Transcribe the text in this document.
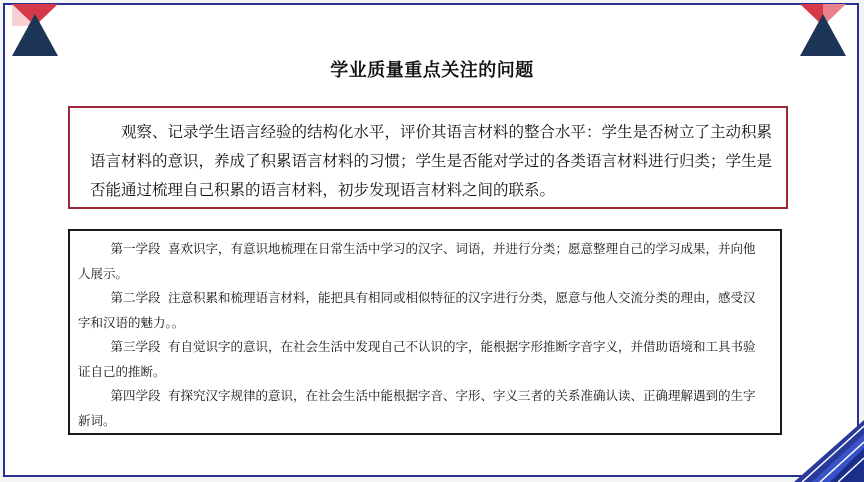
学业质量重点关注的问题

观察、记录学生语言经验的结构化水平，评价其语言材料的整合水平：学生是否树立了主动积累语言材料的意识，养成了积累语言材料的习惯；学生是否能对学过的各类语言材料进行归类；学生是否能通过梳理自己积累的语言材料，初步发现语言材料之间的联系。

第一学段 喜欢识字，有意识地梳理在日常生活中学习的汉字、词语，并进行分类；愿意整理自己的学习成果，并向他人展示。

第二学段 注意积累和梳理语言材料，能把具有相同或相似特征的汉字进行分类，愿意与他人交流分类的理由，感受汉字和汉语的魅力。。

第三学段 有自觉识字的意识，在社会生活中发现自己不认识的字，能根据字形推断字音字义，并借助语境和工具书验证自己的推断。

第四学段 有探究汉字规律的意识，在社会生活中能根据字音、字形、字义三者的关系准确认读、正确理解遇到的生字新词。
